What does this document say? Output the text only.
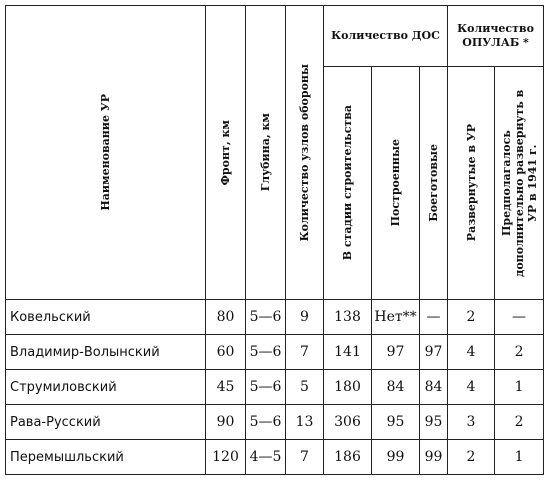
Наименование УР	Фронт, км	Глубина, км	Количество узлов обороны	Количество ДОС			Количество ОПУЛАБ *	

				В стадии строительства	Построенные	Боеготовые	Развернутые в УР	Предполагалось дополнительно развернуть в УР в 1941 г.

Ковельский	80	5—6	9	138	Нет**	—	2	—
Владимир-Волынский	60	5—6	7	141	97	97	4	2
Струмиловский	45	5—6	5	180	84	84	4	1
Рава-Русский	90	5—6	13	306	95	95	3	2
Перемышльский	120	4—5	7	186	99	99	2	1
